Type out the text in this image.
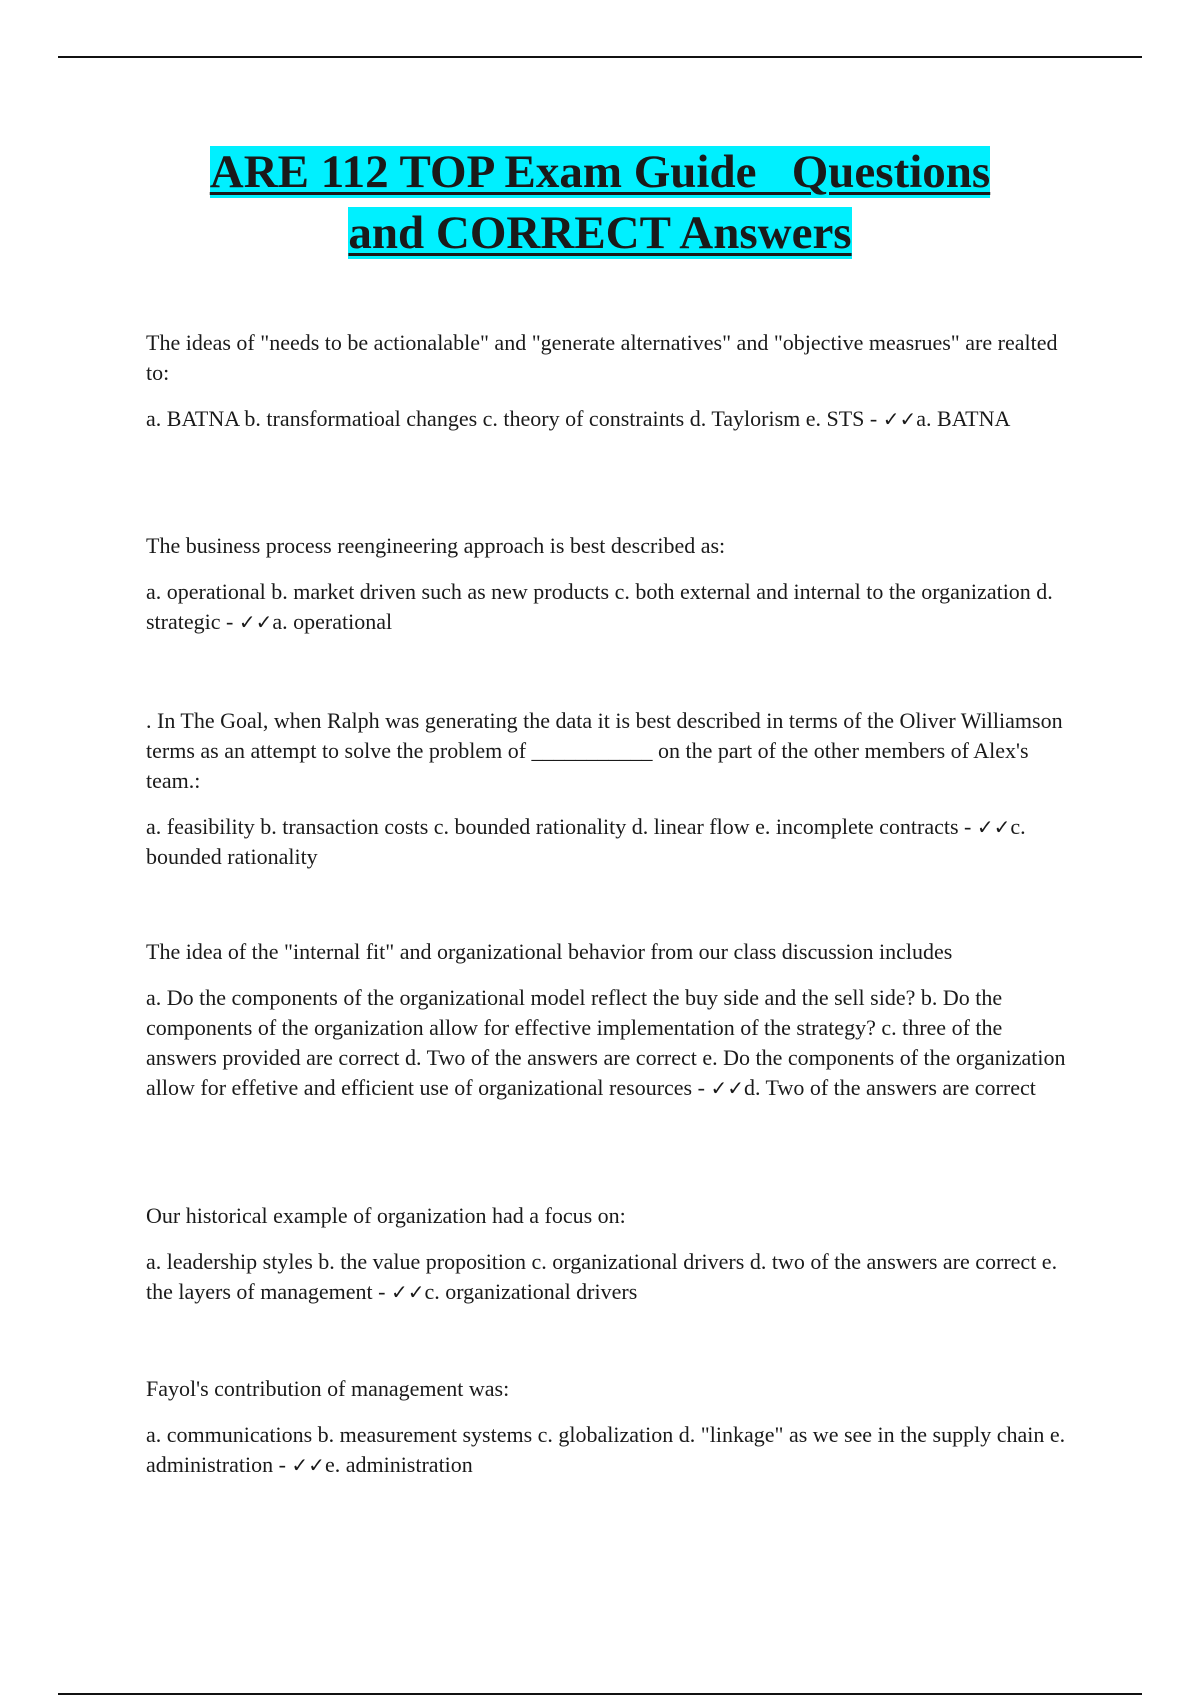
ARE 112 TOP Exam Guide   Questions
and CORRECT Answers

The ideas of "needs to be actionalable" and "generate alternatives" and "objective measrues" are realted to:

a. BATNA b. transformatioal changes c. theory of constraints d. Taylorism e. STS - ✓✓a. BATNA

The business process reengineering approach is best described as:

a. operational b. market driven such as new products c. both external and internal to the organization d. strategic - ✓✓a. operational

. In The Goal, when Ralph was generating the data it is best described in terms of the Oliver Williamson terms as an attempt to solve the problem of ___________ on the part of the other members of Alex's team.:

a. feasibility b. transaction costs c. bounded rationality d. linear flow e. incomplete contracts - ✓✓c. bounded rationality

The idea of the "internal fit" and organizational behavior from our class discussion includes

a. Do the components of the organizational model reflect the buy side and the sell side? b. Do the components of the organization allow for effective implementation of the strategy? c. three of the answers provided are correct d. Two of the answers are correct e. Do the components of the organization allow for effetive and efficient use of organizational resources - ✓✓d. Two of the answers are correct

Our historical example of organization had a focus on:

a. leadership styles b. the value proposition c. organizational drivers d. two of the answers are correct e. the layers of management - ✓✓c. organizational drivers

Fayol's contribution of management was:

a. communications b. measurement systems c. globalization d. "linkage" as we see in the supply chain e. administration - ✓✓e. administration
